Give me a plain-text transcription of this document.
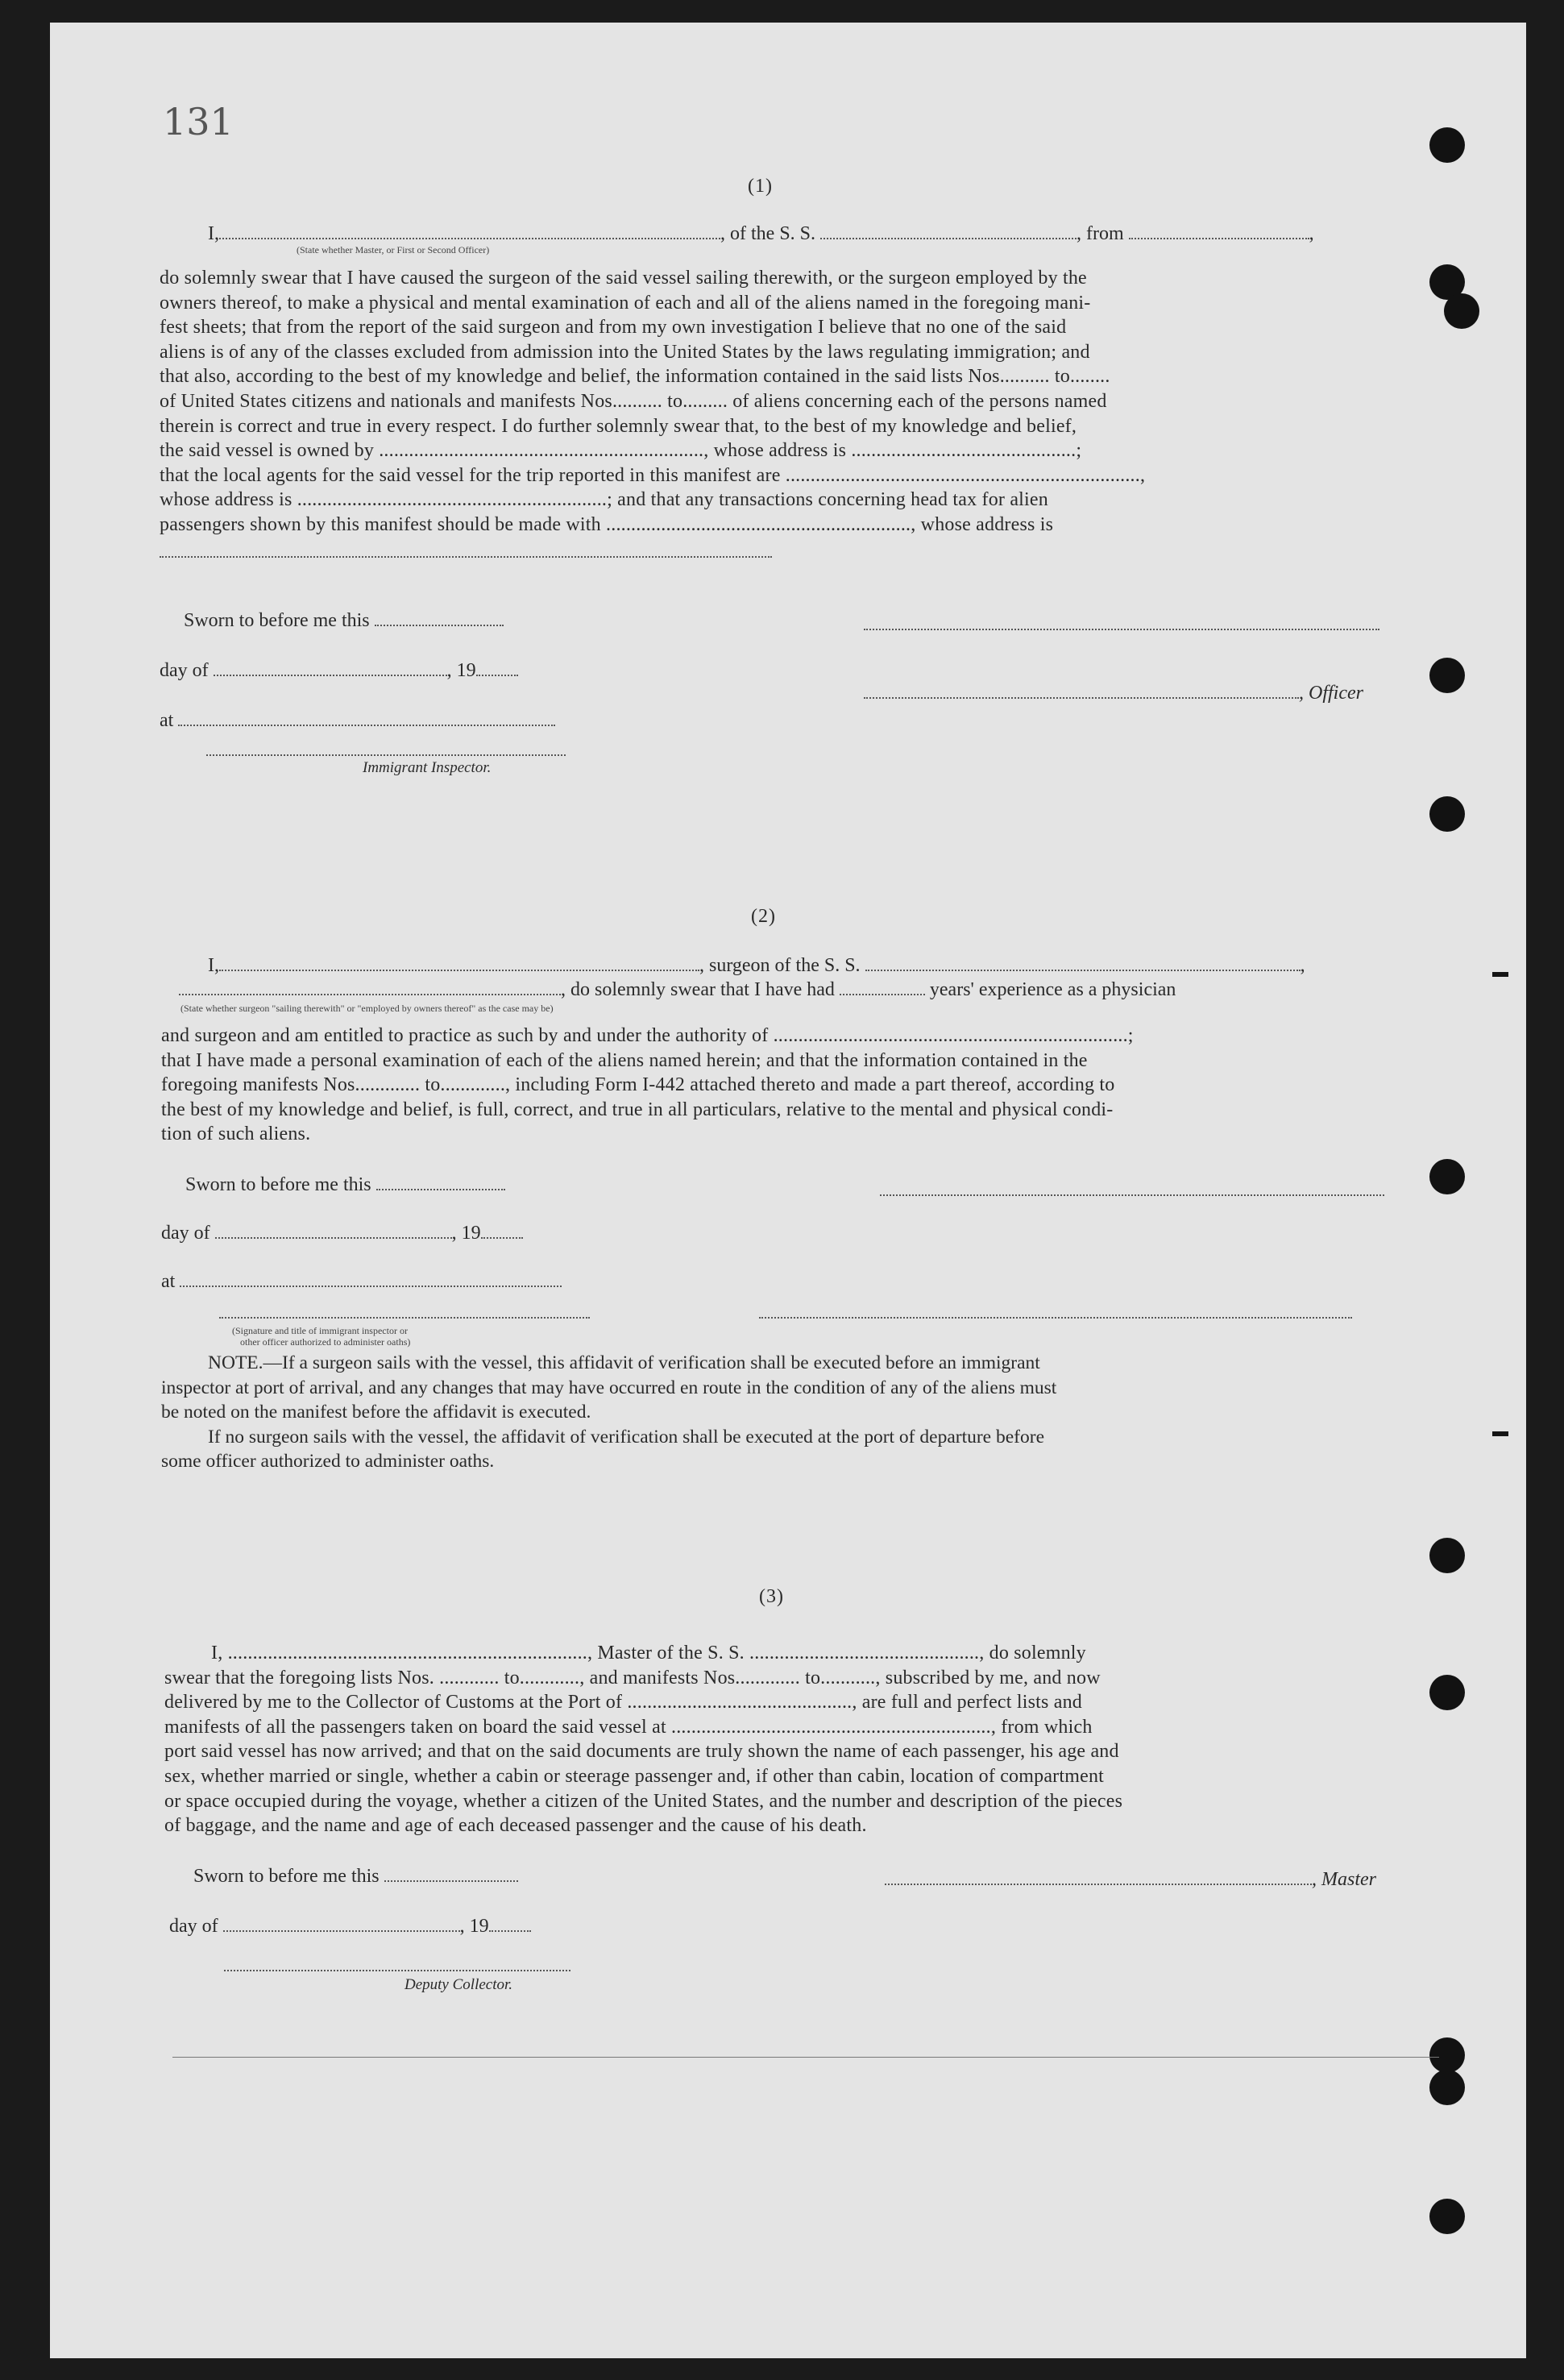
131
(1)
I,	, of the S. S.	, from	,
(State whether Master, or First or Second Officer)

do solemnly swear that I have caused the surgeon of the said vessel sailing therewith, or the surgeon employed by the

owners thereof, to make a physical and mental examination of each and all of the aliens named in the foregoing mani-

fest sheets; that from the report of the said surgeon and from my own investigation I believe that no one of the said

aliens is of any of the classes excluded from admission into the United States by the laws regulating immigration; and

that also, according to the best of my knowledge and belief, the information contained in the said lists Nos.......... to........

of United States citizens and nationals and manifests Nos.......... to......... of aliens concerning each of the persons named

therein is correct and true in every respect. I do further solemnly swear that, to the best of my knowledge and belief,

the said vessel is owned by ................................................................., whose address is .............................................;

that the local agents for the said vessel for the trip reported in this manifest are .......................................................................,

whose address is ..............................................................; and that any transactions concerning head tax for alien

passengers shown by this manifest should be made with ............................................................., whose address is

Sworn to before me this
day of	, 19
, Officer
at
Immigrant Inspector.
(2)
I,	, surgeon of the S. S.	,
, do solemnly swear that I have had	years' experience as a physician
(State whether surgeon "sailing therewith" or "employed by owners thereof" as the case may be)

and surgeon and am entitled to practice as such by and under the authority of .......................................................................;

that I have made a personal examination of each of the aliens named herein; and that the information contained in the

foregoing manifests Nos............. to............., including Form I-442 attached thereto and made a part thereof, according to

the best of my knowledge and belief, is full, correct, and true in all particulars, relative to the mental and physical condi-

tion of such aliens.

Sworn to before me this
day of	, 19
at
(Signature and title of immigrant inspector or
other officer authorized to administer oaths)

NOTE.—If a surgeon sails with the vessel, this affidavit of verification shall be executed before an immigrant

inspector at port of arrival, and any changes that may have occurred en route in the condition of any of the aliens must

be noted on the manifest before the affidavit is executed.

If no surgeon sails with the vessel, the affidavit of verification shall be executed at the port of departure before

some officer authorized to administer oaths.

(3)

I, ........................................................................, Master of the S. S. .............................................., do solemnly

swear that the foregoing lists Nos. ............ to............, and manifests Nos............. to..........., subscribed by me, and now

delivered by me to the Collector of Customs at the Port of ............................................., are full and perfect lists and

manifests of all the passengers taken on board the said vessel at ................................................................, from which

port said vessel has now arrived; and that on the said documents are truly shown the name of each passenger, his age and

sex, whether married or single, whether a cabin or steerage passenger and, if other than cabin, location of compartment

or space occupied during the voyage, whether a citizen of the United States, and the number and description of the pieces

of baggage, and the name and age of each deceased passenger and the cause of his death.

Sworn to before me this	, Master
day of	, 19
Deputy Collector.
